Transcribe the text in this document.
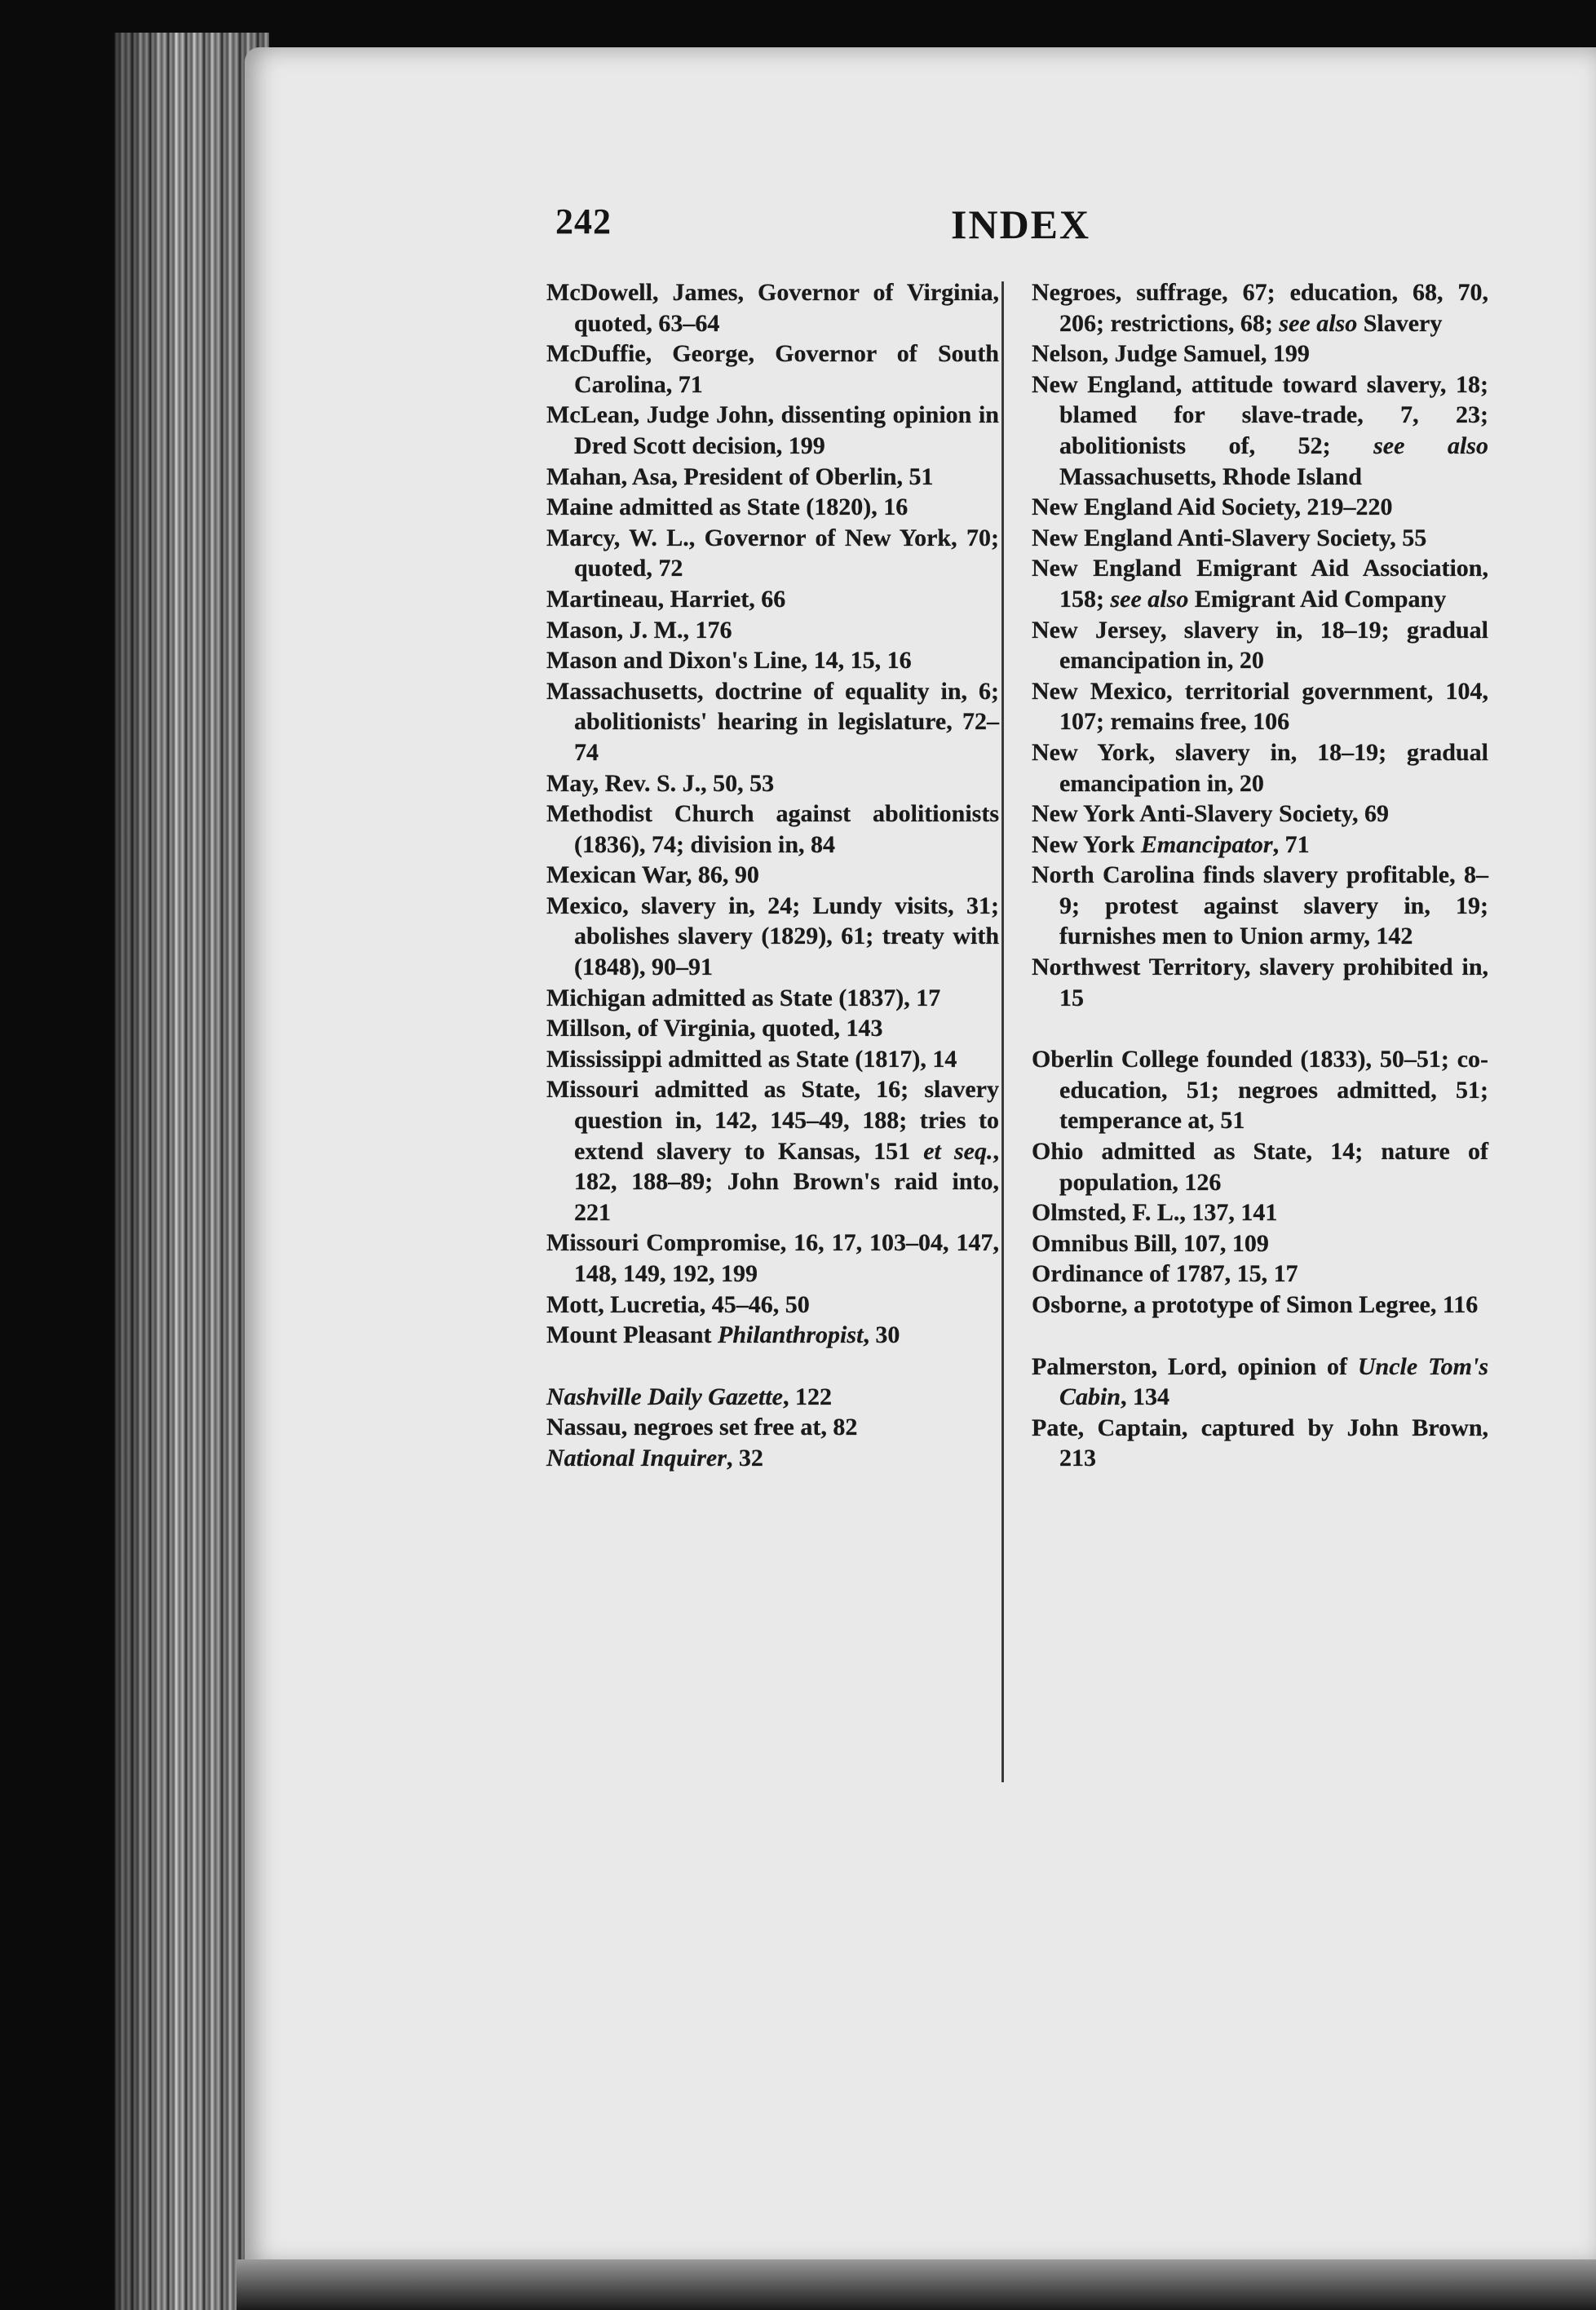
242	INDEX

McDowell, James, Governor of Virginia, quoted, 63–64

McDuffie, George, Governor of South Carolina, 71

McLean, Judge John, dissenting opinion in Dred Scott decision, 199

Mahan, Asa, President of Oberlin, 51

Maine admitted as State (1820), 16

Marcy, W. L., Governor of New York, 70; quoted, 72

Martineau, Harriet, 66

Mason, J. M., 176

Mason and Dixon's Line, 14, 15, 16

Massachusetts, doctrine of equality in, 6; abolitionists' hearing in legislature, 72–74

May, Rev. S. J., 50, 53

Methodist Church against abolitionists (1836), 74; division in, 84

Mexican War, 86, 90

Mexico, slavery in, 24; Lundy visits, 31; abolishes slavery (1829), 61; treaty with (1848), 90–91

Michigan admitted as State (1837), 17

Millson, of Virginia, quoted, 143

Mississippi admitted as State (1817), 14

Missouri admitted as State, 16; slavery question in, 142, 145–49, 188; tries to extend slavery to Kansas, 151 et seq., 182, 188–89; John Brown's raid into, 221

Missouri Compromise, 16, 17, 103–04, 147, 148, 149, 192, 199

Mott, Lucretia, 45–46, 50

Mount Pleasant Philanthropist, 30

Nashville Daily Gazette, 122

Nassau, negroes set free at, 82

National Inquirer, 32

Negroes, suffrage, 67; education, 68, 70, 206; restrictions, 68; see also Slavery

Nelson, Judge Samuel, 199

New England, attitude toward slavery, 18; blamed for slave-trade, 7, 23; abolitionists of, 52; see also Massachusetts, Rhode Island

New England Aid Society, 219–220

New England Anti-Slavery Society, 55

New England Emigrant Aid Association, 158; see also Emigrant Aid Company

New Jersey, slavery in, 18–19; gradual emancipation in, 20

New Mexico, territorial government, 104, 107; remains free, 106

New York, slavery in, 18–19; gradual emancipation in, 20

New York Anti-Slavery Society, 69

New York Emancipator, 71

North Carolina finds slavery profitable, 8–9; protest against slavery in, 19; furnishes men to Union army, 142

Northwest Territory, slavery prohibited in, 15

Oberlin College founded (1833), 50–51; co-education, 51; negroes admitted, 51; temperance at, 51

Ohio admitted as State, 14; nature of population, 126

Olmsted, F. L., 137, 141

Omnibus Bill, 107, 109

Ordinance of 1787, 15, 17

Osborne, a prototype of Simon Legree, 116

Palmerston, Lord, opinion of Uncle Tom's Cabin, 134

Pate, Captain, captured by John Brown, 213
